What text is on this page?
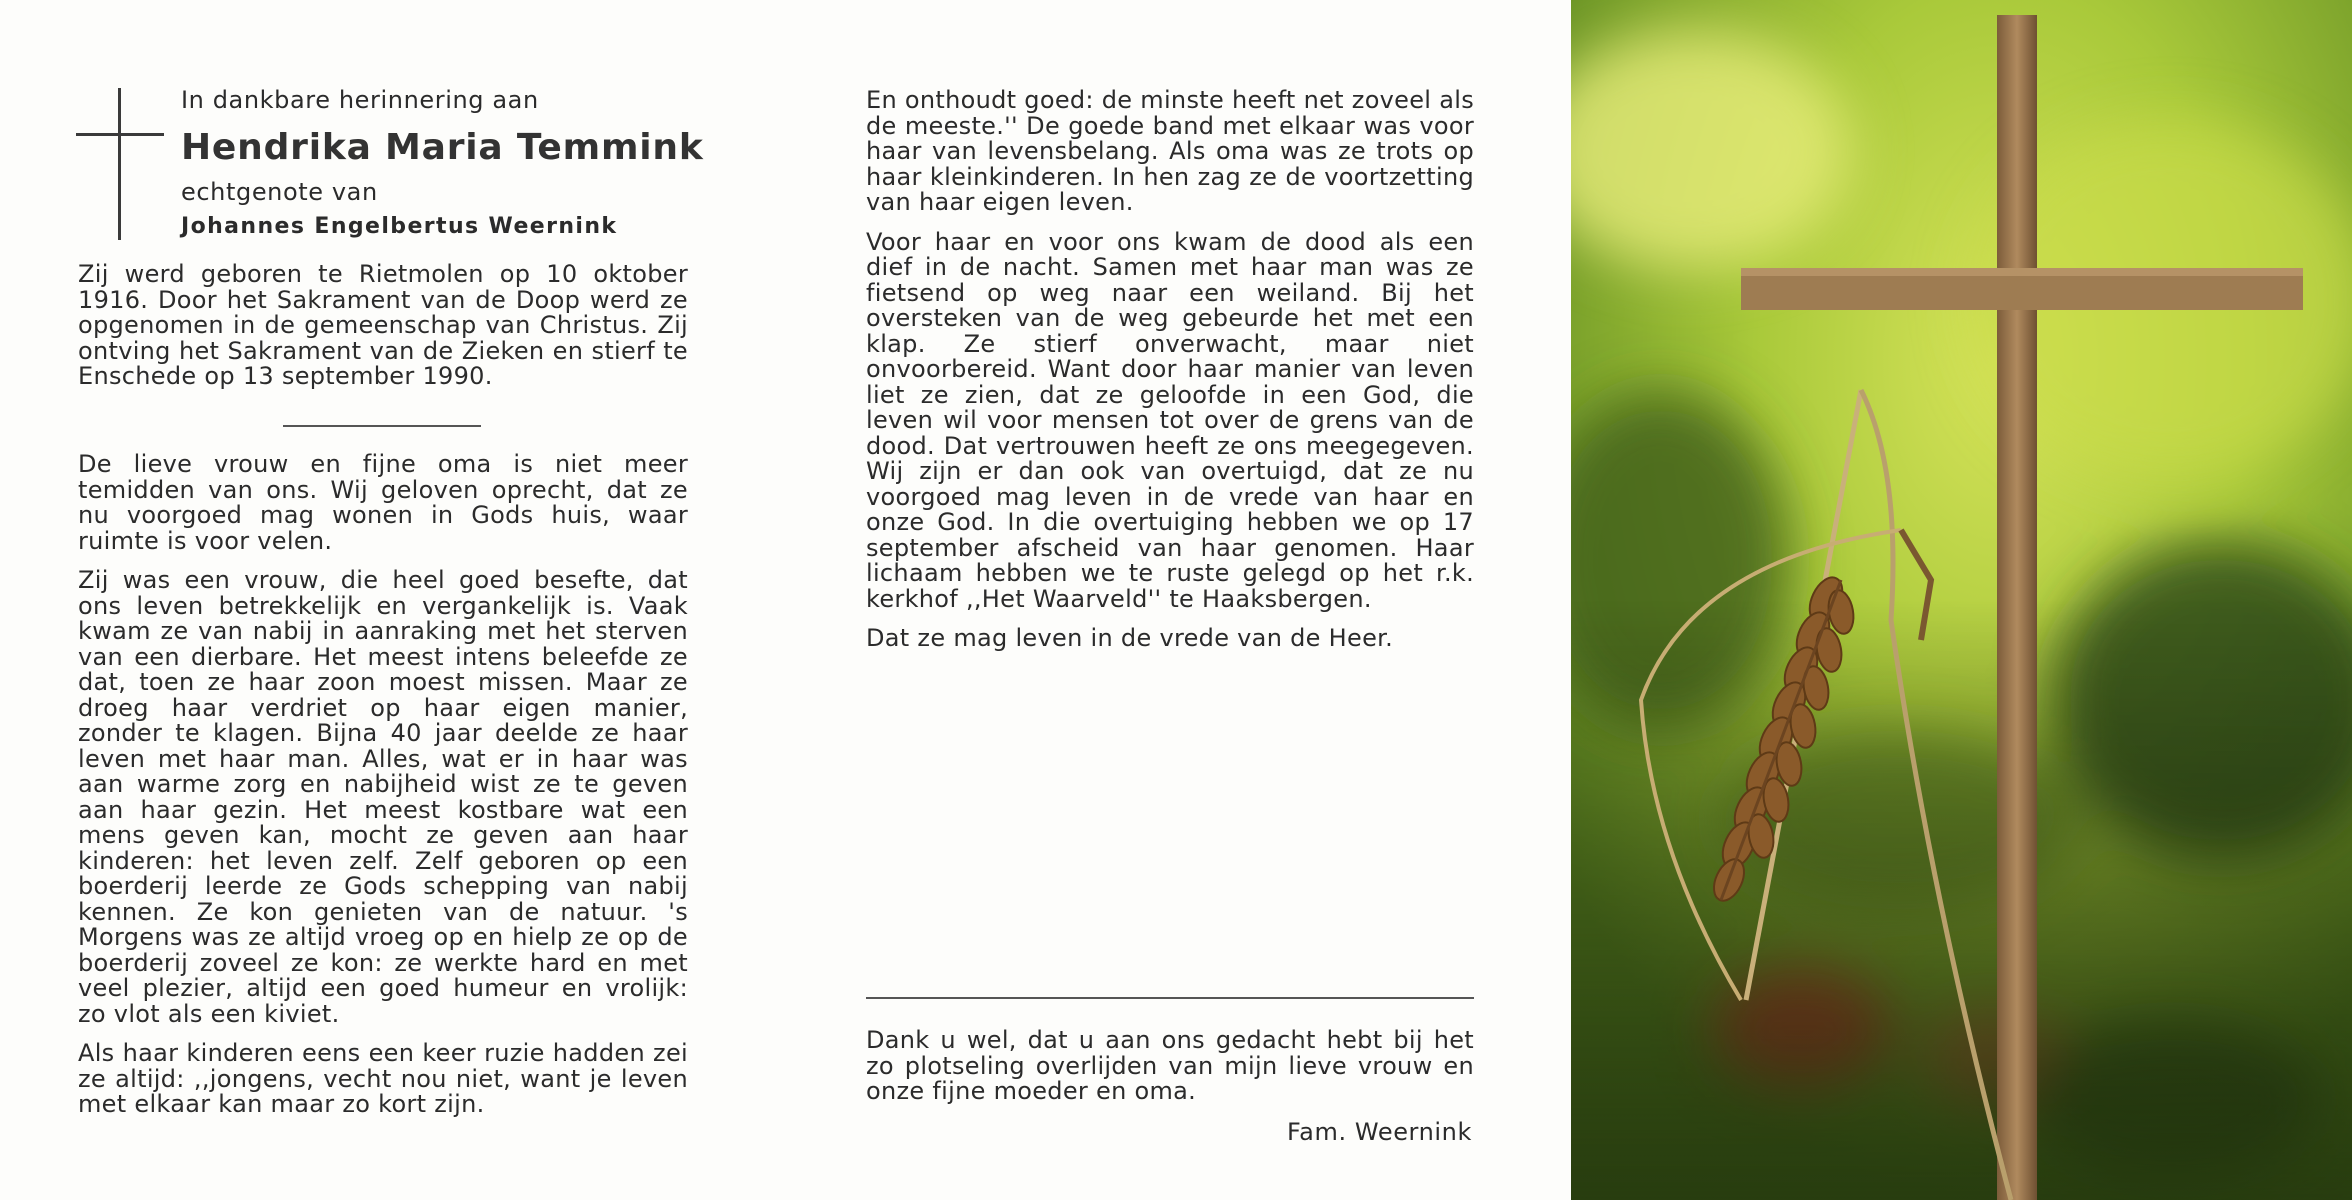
In dankbare herinnering aan
Hendrika Maria Temmink
echtgenote van
Johannes Engelbertus Weernink

Zij werd geboren te Rietmolen op 10 oktober 1916. Door het Sakrament van de Doop werd ze opgenomen in de gemeenschap van Christus. Zij ontving het Sakrament van de Zieken en stierf te Enschede op 13 september 1990.

De lieve vrouw en fijne oma is niet meer temidden van ons. Wij geloven oprecht, dat ze nu voorgoed mag wonen in Gods huis, waar ruimte is voor velen.

Zij was een vrouw, die heel goed besefte, dat ons leven betrekkelijk en vergankelijk is. Vaak kwam ze van nabij in aanraking met het sterven van een dierbare. Het meest intens beleefde ze dat, toen ze haar zoon moest missen. Maar ze droeg haar verdriet op haar eigen manier, zonder te klagen. Bijna 40 jaar deelde ze haar leven met haar man. Alles, wat er in haar was aan warme zorg en nabijheid wist ze te geven aan haar gezin. Het meest kostbare wat een mens geven kan, mocht ze geven aan haar kinderen: het leven zelf. Zelf geboren op een boerderij leerde ze Gods schepping van nabij kennen. Ze kon genieten van de natuur. 's Morgens was ze altijd vroeg op en hielp ze op de boerderij zoveel ze kon: ze werkte hard en met veel plezier, altijd een goed humeur en vrolijk: zo vlot als een kiviet.

Als haar kinderen eens een keer ruzie hadden zei ze altijd: ,,jongens, vecht nou niet, want je leven met elkaar kan maar zo kort zijn.

En onthoudt goed: de minste heeft net zoveel als de meeste.'' De goede band met elkaar was voor haar van levensbelang. Als oma was ze trots op haar kleinkinderen. In hen zag ze de voortzetting van haar eigen leven.

Voor haar en voor ons kwam de dood als een dief in de nacht. Samen met haar man was ze fietsend op weg naar een weiland. Bij het oversteken van de weg gebeurde het met een klap. Ze stierf onverwacht, maar niet onvoorbereid. Want door haar manier van leven liet ze zien, dat ze geloofde in een God, die leven wil voor mensen tot over de grens van de dood. Dat vertrouwen heeft ze ons meegegeven. Wij zijn er dan ook van overtuigd, dat ze nu voorgoed mag leven in de vrede van haar en onze God. In die overtuiging hebben we op 17 september afscheid van haar genomen. Haar lichaam hebben we te ruste gelegd op het r.k. kerkhof ,,Het Waarveld'' te Haaksbergen.

Dat ze mag leven in de vrede van de Heer.

Dank u wel, dat u aan ons gedacht hebt bij het zo plotseling overlijden van mijn lieve vrouw en onze fijne moeder en oma.
Fam. Weernink
